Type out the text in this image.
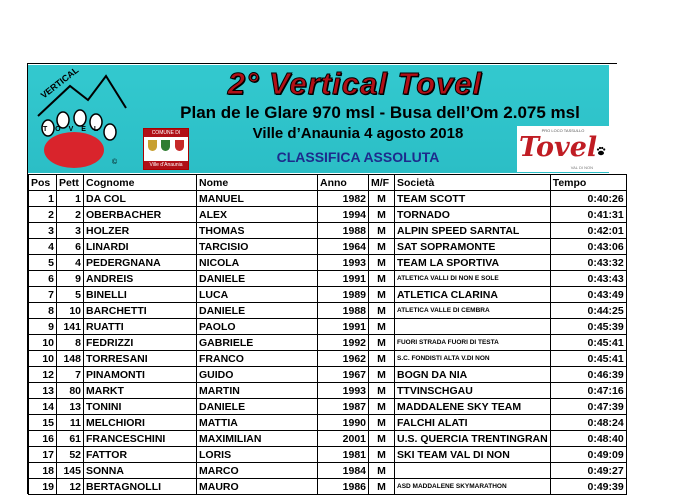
VERTICAL
TOVEL
©
2° Vertical Tovel
Plan de le Glare 970 msl - Busa dell’Om 2.075 msl
COMUNE DI
Ville d’Anaunia
Ville d’Anaunia 4 agosto 2018
CLASSIFICA ASSOLUTA
PRO LOCO TASSULLO
Tovel
VAL DI NON
Pos	Pett	Cognome	Nome	Anno	M/F	Società	Tempo
1	1	DA COL	MANUEL	1982	M	TEAM SCOTT	0:40:26
2	2	OBERBACHER	ALEX	1994	M	TORNADO	0:41:31
3	3	HOLZER	THOMAS	1988	M	ALPIN SPEED SARNTAL	0:42:01
4	6	LINARDI	TARCISIO	1964	M	SAT SOPRAMONTE	0:43:06
5	4	PEDERGNANA	NICOLA	1993	M	TEAM LA SPORTIVA	0:43:32
6	9	ANDREIS	DANIELE	1991	M	ATLETICA VALLI DI NON E SOLE	0:43:43
7	5	BINELLI	LUCA	1989	M	ATLETICA CLARINA	0:43:49
8	10	BARCHETTI	DANIELE	1988	M	ATLETICA VALLE DI CEMBRA	0:44:25
9	141	RUATTI	PAOLO	1991	M		0:45:39
10	8	FEDRIZZI	GABRIELE	1992	M	FUORI STRADA FUORI DI TESTA	0:45:41
10	148	TORRESANI	FRANCO	1962	M	S.C. FONDISTI ALTA V.DI NON	0:45:41
12	7	PINAMONTI	GUIDO	1967	M	BOGN DA NIA	0:46:39
13	80	MARKT	MARTIN	1993	M	TTVINSCHGAU	0:47:16
14	13	TONINI	DANIELE	1987	M	MADDALENE SKY TEAM	0:47:39
15	11	MELCHIORI	MATTIA	1990	M	FALCHI ALATI	0:48:24
16	61	FRANCESCHINI	MAXIMILIAN	2001	M	U.S. QUERCIA TRENTINGRAN	0:48:40
17	52	FATTOR	LORIS	1981	M	SKI TEAM VAL DI NON	0:49:09
18	145	SONNA	MARCO	1984	M		0:49:27
19	12	BERTAGNOLLI	MAURO	1986	M	ASD MADDALENE SKYMARATHON	0:49:39
